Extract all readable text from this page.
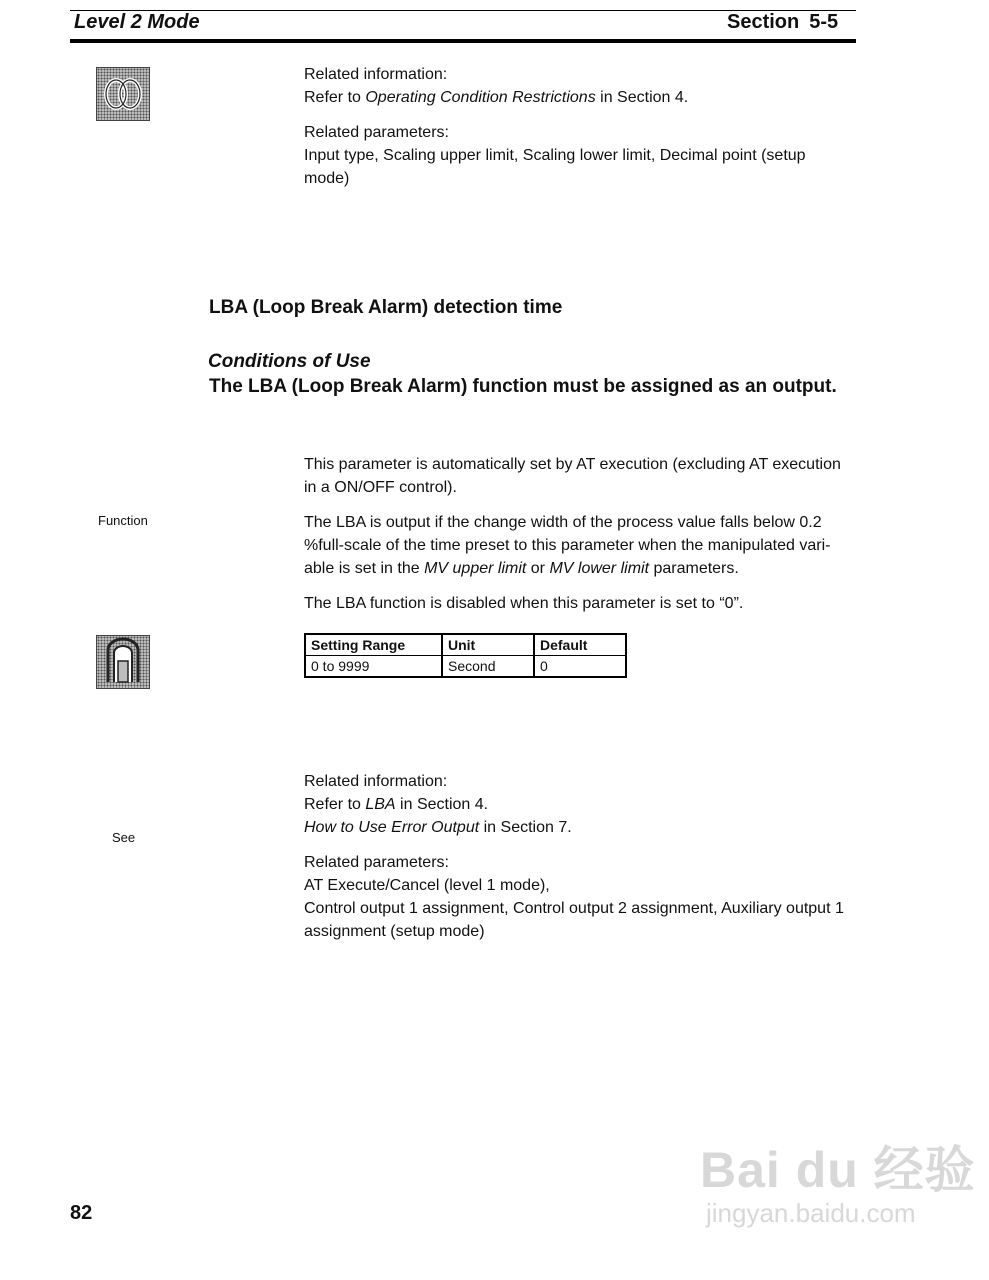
Level 2 Mode	Section 5-5

Related information:

Refer to Operating Condition Restrictions in Section 4.

Related parameters:

Input type, Scaling upper limit, Scaling lower limit, Decimal point (setup

mode)

LBA (Loop Break Alarm) detection time
Conditions of Use
The LBA (Loop Break Alarm) function must be assigned as an output.
Function

This parameter is automatically set by AT execution (excluding AT execution

in a ON/OFF control).

The LBA is output if the change width of the process value falls below 0.2

%full-scale of the time preset to this parameter when the manipulated vari-

able is set in the MV upper limit or MV lower limit parameters.

The LBA function is disabled when this parameter is set to “0”.

Setting Range	Unit	Default
0 to 9999	Second	0
See

Related information:

Refer to LBA in Section 4.

How to Use Error Output in Section 7.

Related parameters:

AT Execute/Cancel (level 1 mode),

Control output 1 assignment, Control output 2 assignment, Auxiliary output 1

assignment (setup mode)

82
Bai du 经验
jingyan.baidu.com
